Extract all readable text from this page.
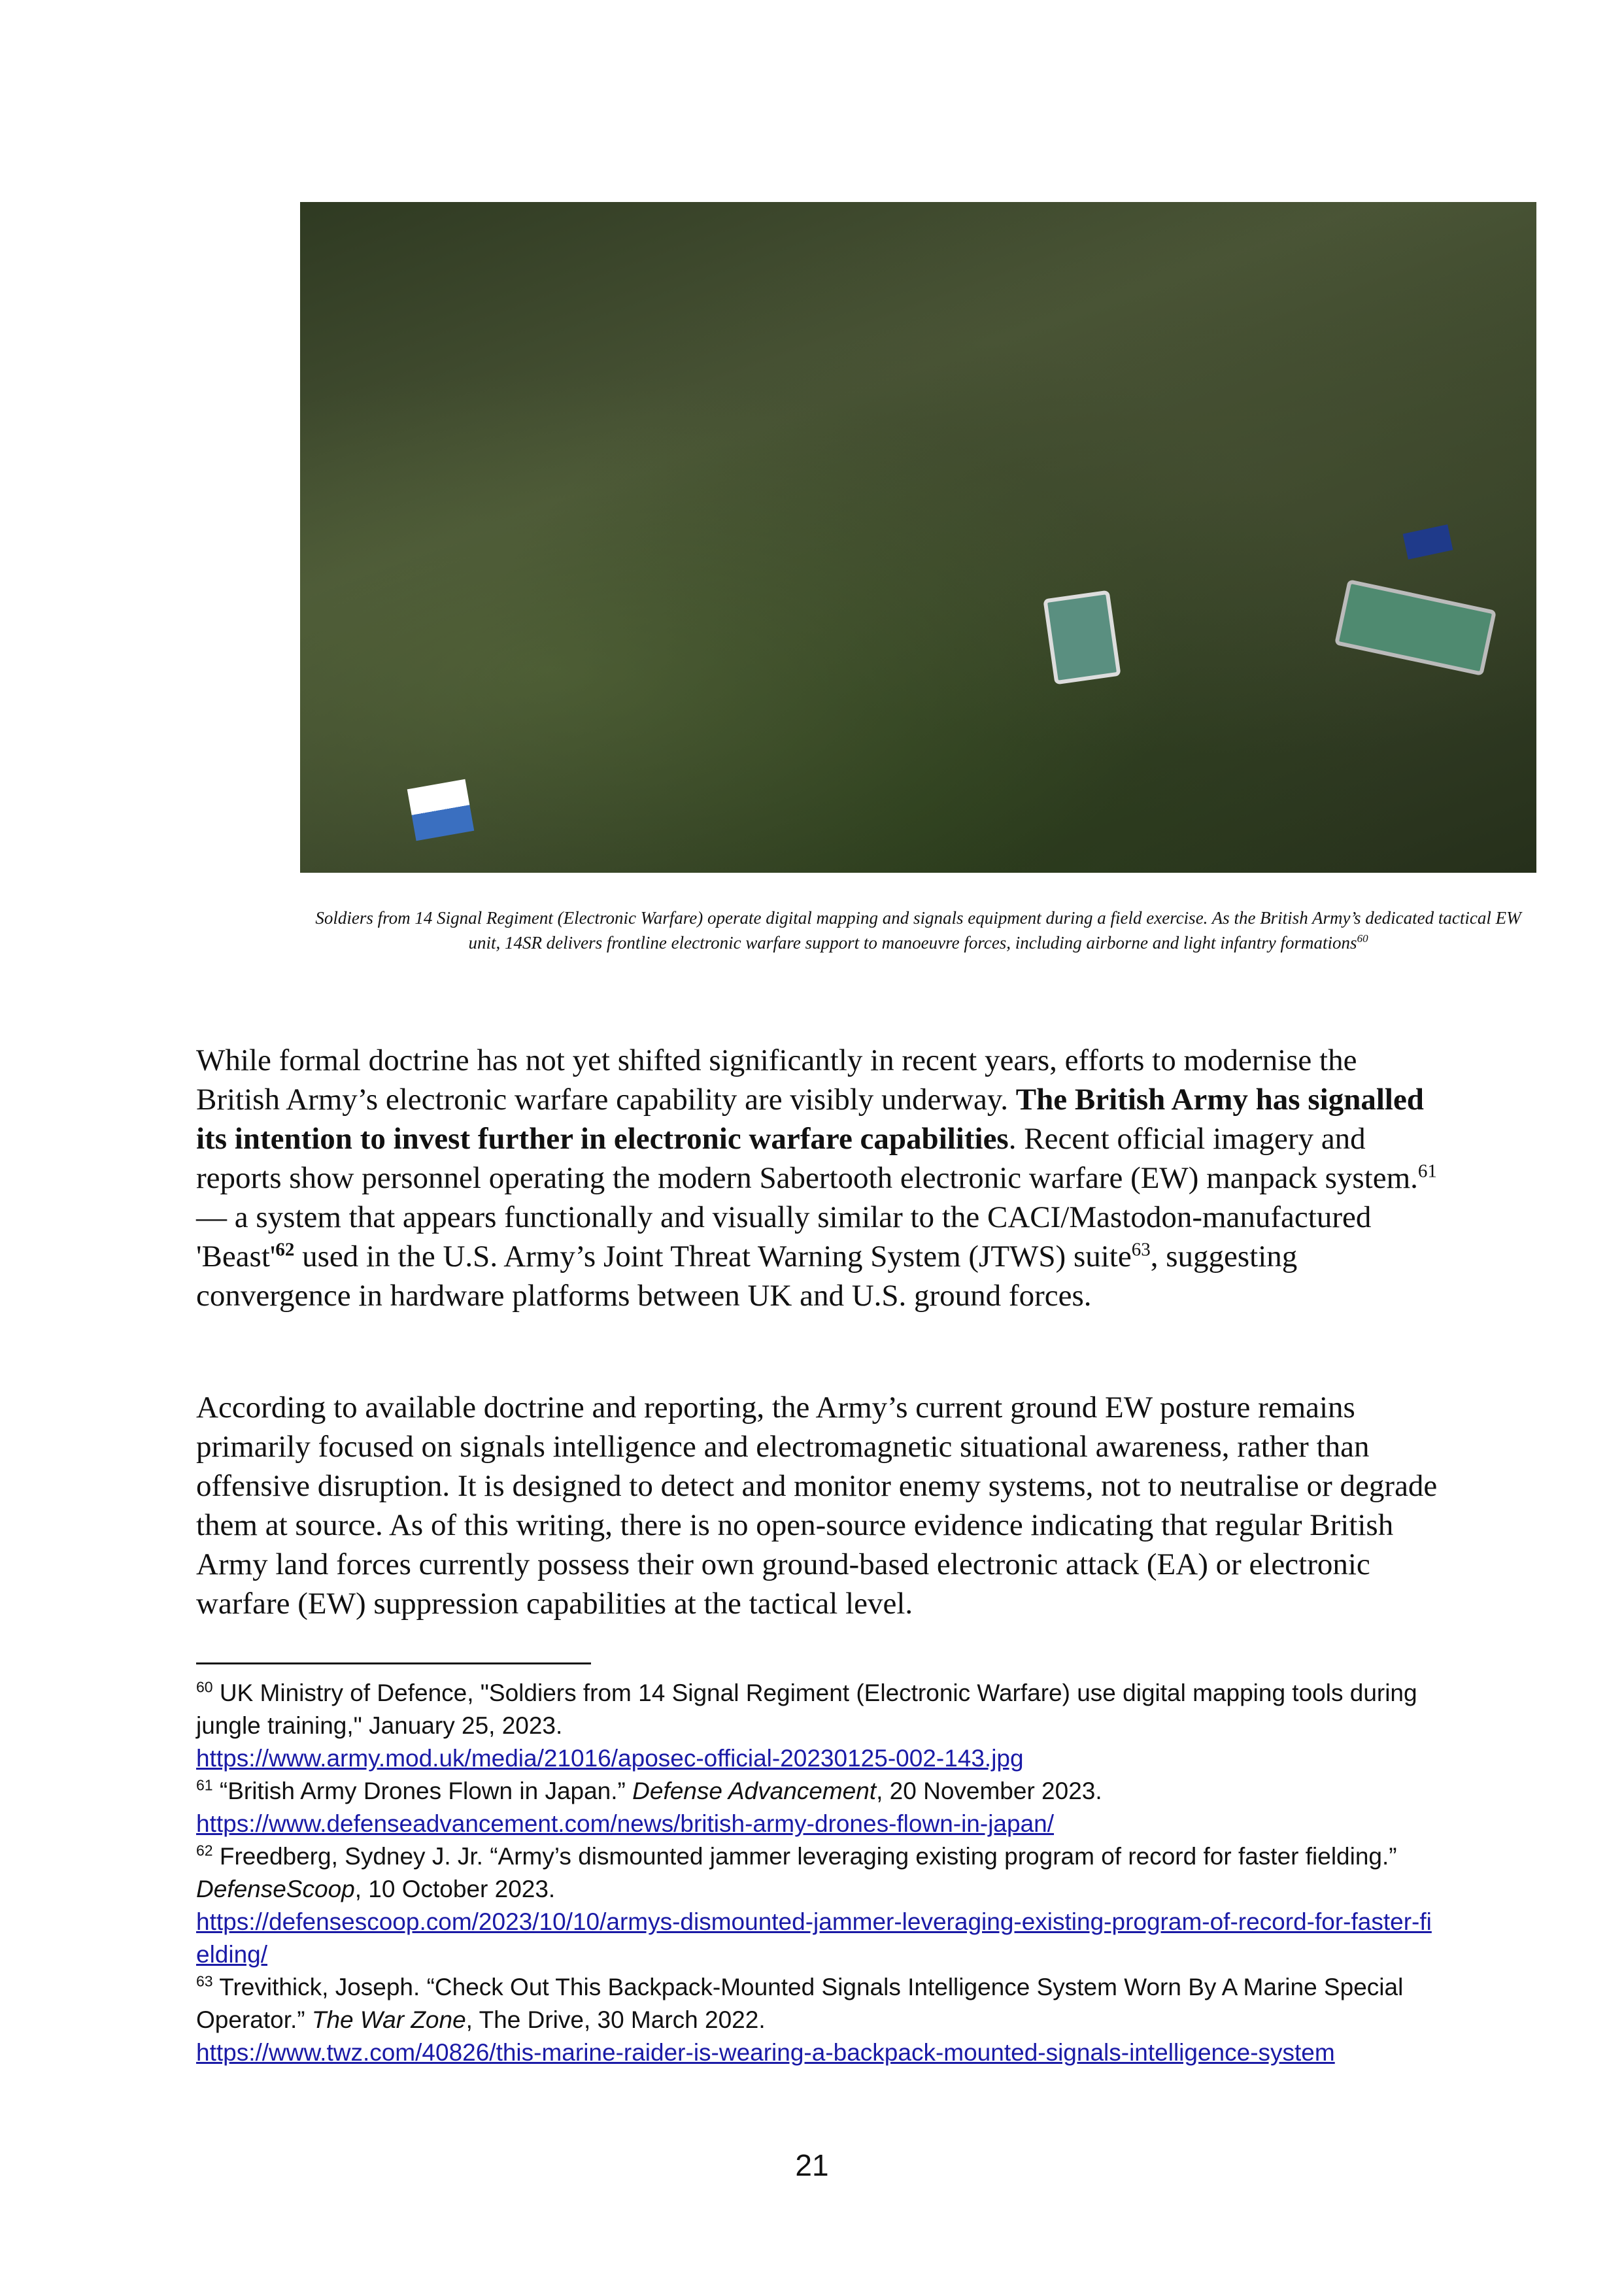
Soldiers from 14 Signal Regiment (Electronic Warfare) operate digital mapping and signals equipment during a field exercise. As the British Army’s dedicated tactical EW unit, 14SR delivers frontline electronic warfare support to manoeuvre forces, including airborne and light infantry formations$^{60}$

While formal doctrine has not yet shifted significantly in recent years, efforts to modernise the British Army’s electronic warfare capability are visibly underway. The British Army has signalled its intention to invest further in electronic warfare capabilities. Recent official imagery and reports show personnel operating the modern Sabertooth electronic warfare (EW) manpack system.$^{61}$ — a system that appears functionally and visually similar to the CACI/Mastodon-manufactured '$Beast'^{62}$ used in the U.S. Army’s Joint Threat Warning System (JTWS) suite$^{63}$, suggesting convergence in hardware platforms between UK and U.S. ground forces.

According to available doctrine and reporting, the Army’s current ground EW posture remains primarily focused on signals intelligence and electromagnetic situational awareness, rather than offensive disruption. It is designed to detect and monitor enemy systems, not to neutralise or degrade them at source. As of this writing, there is no open-source evidence indicating that regular British Army land forces currently possess their own ground-based electronic attack (EA) or electronic warfare (EW) suppression capabilities at the tactical level.

$^{60}$ UK Ministry of Defence, "Soldiers from 14 Signal Regiment (Electronic Warfare) use digital mapping tools during jungle training," January 25, 2023.
https://www.army.mod.uk/media/21016/aposec-official-20230125-002-143.jpg

$^{61}$ “British Army Drones Flown in Japan.” Defense Advancement, 20 November 2023.
https://www.defenseadvancement.com/news/british-army-drones-flown-in-japan/

$^{62}$ Freedberg, Sydney J. Jr. “Army’s dismounted jammer leveraging existing program of record for faster fielding.” DefenseScoop, 10 October 2023.
https://defensescoop.com/2023/10/10/armys-dismounted-jammer-leveraging-existing-program-of-record-for-faster-fielding/

$^{63}$ Trevithick, Joseph. “Check Out This Backpack-Mounted Signals Intelligence System Worn By A Marine Special Operator.” The War Zone, The Drive, 30 March 2022.
https://www.twz.com/40826/this-marine-raider-is-wearing-a-backpack-mounted-signals-intelligence-system

21
